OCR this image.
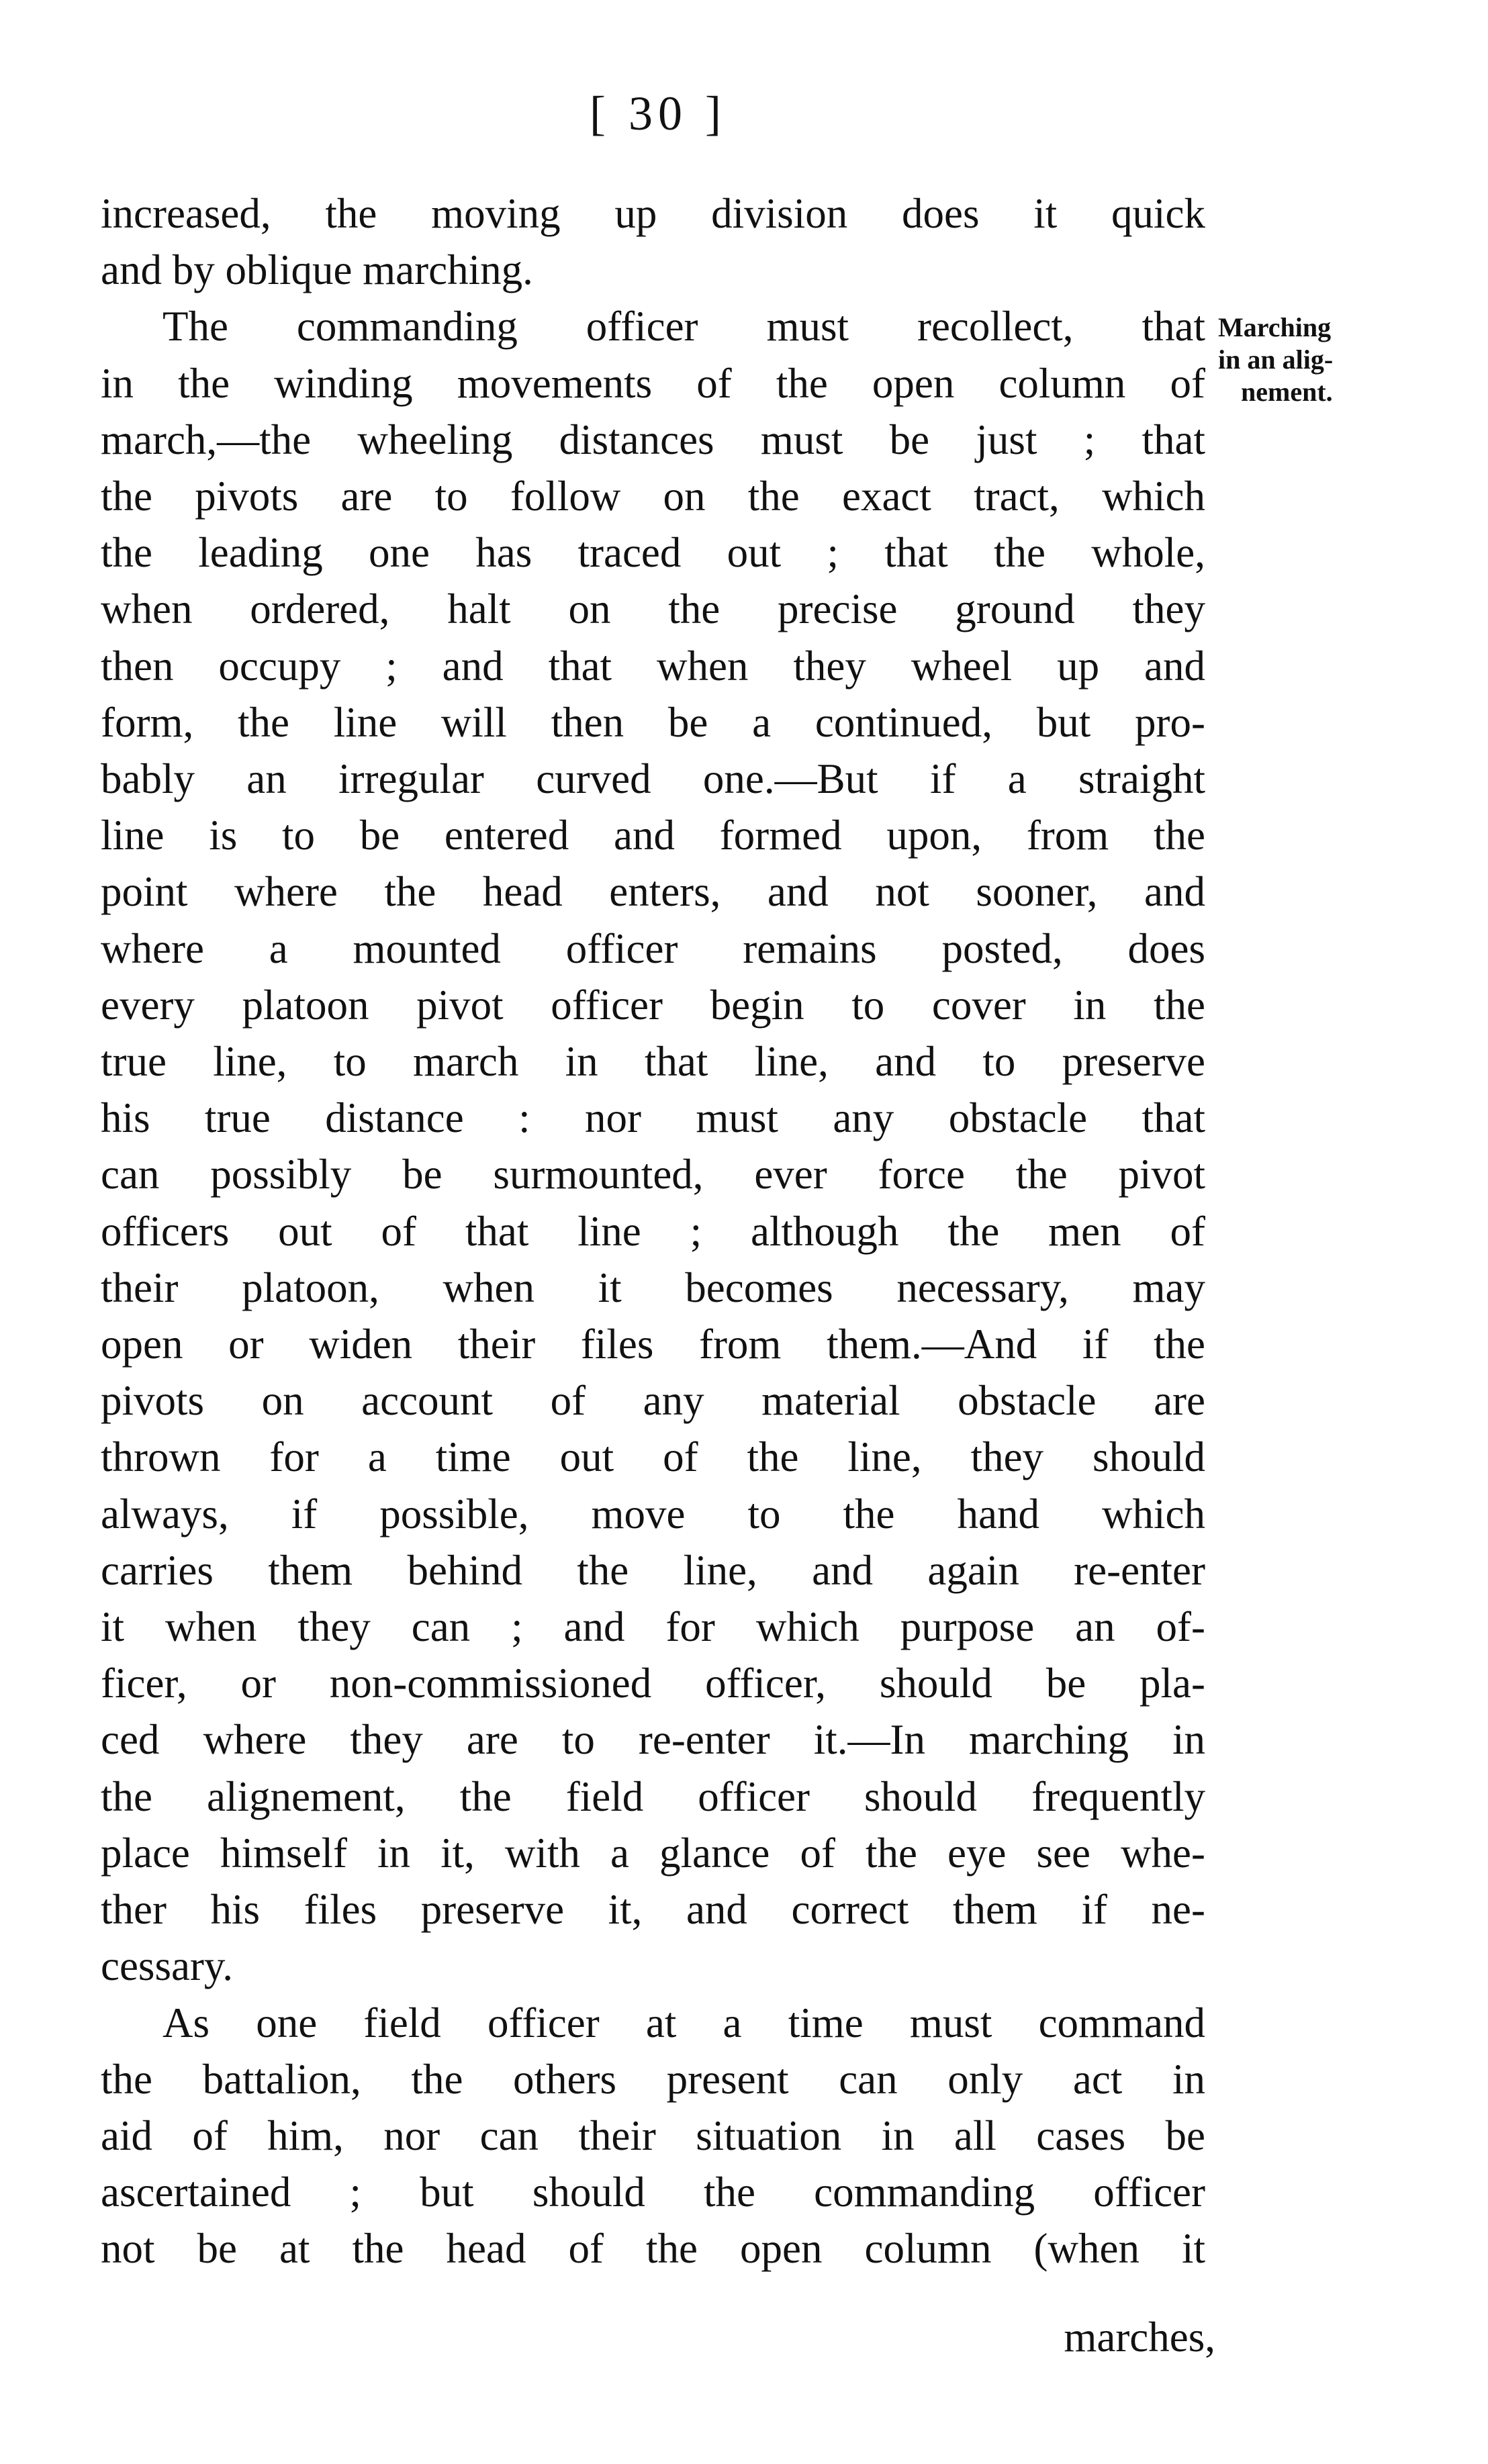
[ 30 ]
Marching
in an alig-
nement.

increased, the moving up division does it quick
and by oblique marching.

The commanding officer must recollect, that
in the winding movements of the open column of
march,—the wheeling distances must be just ; that
the pivots are to follow on the exact tract, which
the leading one has traced out ; that the whole,
when ordered, halt on the precise ground they
then occupy ; and that when they wheel up and
form, the line will then be a continued, but pro-
bably an irregular curved one.—But if a straight
line is to be entered and formed upon, from the
point where the head enters, and not sooner, and
where a mounted officer remains posted, does
every platoon pivot officer begin to cover in the
true line, to march in that line, and to preserve
his true distance : nor must any obstacle that
can possibly be surmounted, ever force the pivot
officers out of that line ; although the men of
their platoon, when it becomes necessary, may
open or widen their files from them.—And if the
pivots on account of any material obstacle are
thrown for a time out of the line, they should
always, if possible, move to the hand which
carries them behind the line, and again re-enter
it when they can ; and for which purpose an of-
ficer, or non-commissioned officer, should be pla-
ced where they are to re-enter it.—In marching in
the alignement, the field officer should frequently
place himself in it, with a glance of the eye see whe-
ther his files preserve it, and correct them if ne-
cessary.

As one field officer at a time must command
the battalion, the others present can only act in
aid of him, nor can their situation in all cases be
ascertained ; but should the commanding officer
not be at the head of the open column (when it

marches,
